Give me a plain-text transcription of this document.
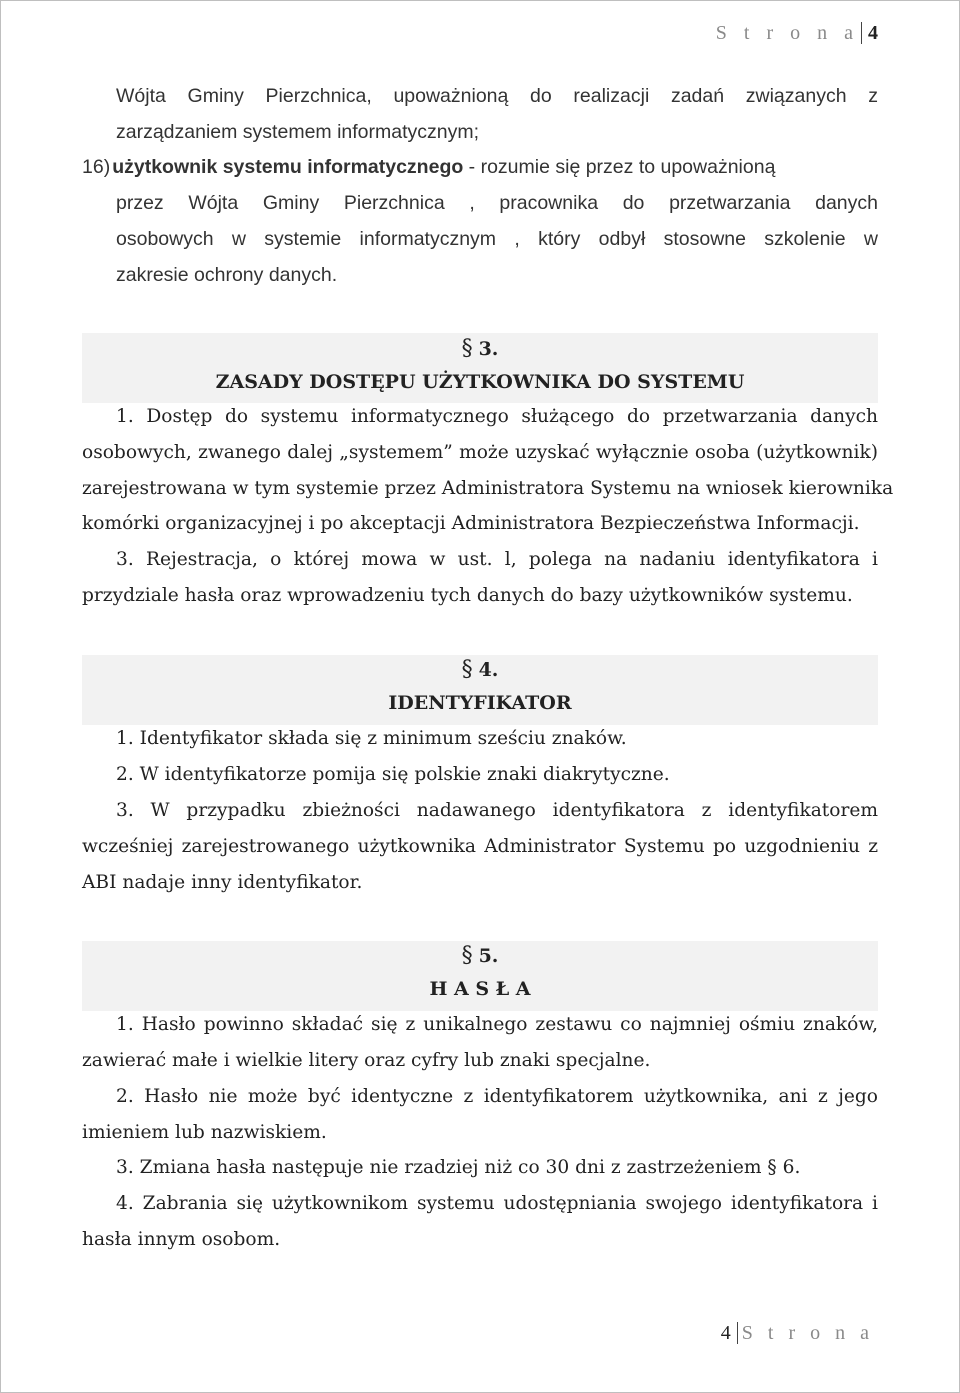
S t r o n a 4
Wójta Gminy Pierzchnica, upoważnioną do realizacji zadań związanych z
zarządzaniem systemem informatycznym;
16) użytkownik systemu informatycznego - rozumie się przez to upoważnioną
przez Wójta Gminy Pierzchnica , pracownika do przetwarzania danych
osobowych w systemie informatycznym , który odbył stosowne szkolenie w
zakresie ochrony danych.
§ 3.
ZASADY DOSTĘPU UŻYTKOWNIKA DO SYSTEMU
1. Dostęp do systemu informatycznego służącego do przetwarzania danych
osobowych, zwanego dalej „systemem” może uzyskać wyłącznie osoba (użytkownik)
zarejestrowana w tym systemie przez Administratora Systemu na wniosek kierownika
komórki organizacyjnej i po akceptacji Administratora Bezpieczeństwa Informacji.
3. Rejestracja, o której mowa w ust. l, polega na nadaniu identyfikatora i
przydziale hasła oraz wprowadzeniu tych danych do bazy użytkowników systemu.
§ 4.
IDENTYFIKATOR
1. Identyfikator składa się z minimum sześciu znaków.
2. W identyfikatorze pomija się polskie znaki diakrytyczne.
3. W przypadku zbieżności nadawanego identyfikatora z identyfikatorem
wcześniej zarejestrowanego użytkownika Administrator Systemu po uzgodnieniu z
ABI nadaje inny identyfikator.
§ 5.
H A S Ł A
1. Hasło powinno składać się z unikalnego zestawu co najmniej ośmiu znaków,
zawierać małe i wielkie litery oraz cyfry lub znaki specjalne.
2. Hasło nie może być identyczne z identyfikatorem użytkownika, ani z jego
imieniem lub nazwiskiem.
3. Zmiana hasła następuje nie rzadziej niż co 30 dni z zastrzeżeniem § 6.
4. Zabrania się użytkownikom systemu udostępniania swojego identyfikatora i
hasła innym osobom.
4 S t r o n a
